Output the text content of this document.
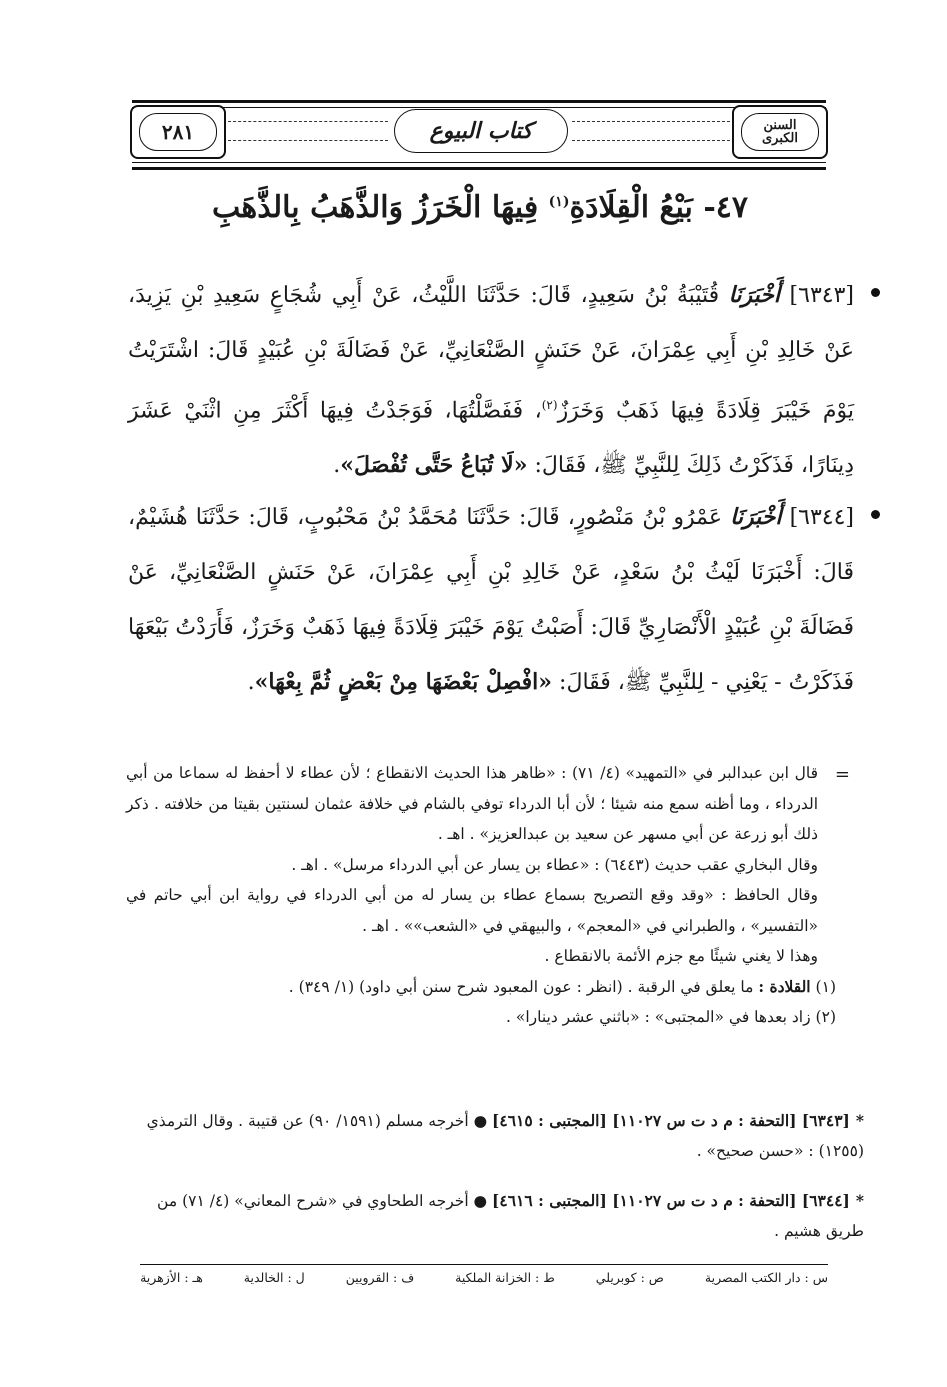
٢٨١	كتاب البيوع	السنن
الكبرى
٤٧- بَيْعُ الْقِلَادَةِ$^{(١)}$ فِيهَا الْخَرَزُ وَالذَّهَبُ بِالذَّهَبِ
[٦٣٤٣] أَخْبَرَنَا قُتَيْبَةُ بْنُ سَعِيدٍ، قَالَ: حَدَّثَنَا اللَّيْثُ، عَنْ أَبِي شُجَاعٍ سَعِيدِ بْنِ يَزِيدَ، عَنْ خَالِدِ بْنِ أَبِي عِمْرَانَ، عَنْ حَنَشٍ الصَّنْعَانِيِّ، عَنْ فَضَالَةَ بْنِ عُبَيْدٍ قَالَ: اشْتَرَيْتُ يَوْمَ خَيْبَرَ قِلَادَةً فِيهَا ذَهَبٌ وَخَرَزٌ$^{(٢)}$، فَفَصَّلْتُهَا، فَوَجَدْتُ فِيهَا أَكْثَرَ مِنِ اثْنَيْ عَشَرَ دِينَارًا، فَذَكَرْتُ ذَلِكَ لِلنَّبِيِّ ﷺ، فَقَالَ: «لَا تُبَاعُ حَتَّى تُفْصَلَ».
[٦٣٤٤] أَخْبَرَنَا عَمْرُو بْنُ مَنْصُورٍ، قَالَ: حَدَّثَنَا مُحَمَّدُ بْنُ مَحْبُوبٍ، قَالَ: حَدَّثَنَا هُشَيْمٌ، قَالَ: أَخْبَرَنَا لَيْثُ بْنُ سَعْدٍ، عَنْ خَالِدِ بْنِ أَبِي عِمْرَانَ، عَنْ حَنَشٍ الصَّنْعَانِيِّ، عَنْ فَضَالَةَ بْنِ عُبَيْدٍ الْأَنْصَارِيِّ قَالَ: أَصَبْتُ يَوْمَ خَيْبَرَ قِلَادَةً فِيهَا ذَهَبٌ وَخَرَزٌ، فَأَرَدْتُ بَيْعَهَا فَذَكَرْتُ - يَعْنِي - لِلنَّبِيِّ ﷺ، فَقَالَ: «افْصِلْ بَعْضَهَا مِنْ بَعْضٍ ثُمَّ بِعْهَا».
=

قال ابن عبدالبر في «التمهيد» (٤/ ٧١) : «ظاهر هذا الحديث الانقطاع ؛ لأن عطاء لا أحفظ له سماعا من أبي الدرداء ، وما أظنه سمع منه شيئا ؛ لأن أبا الدرداء توفي بالشام في خلافة عثمان لسنتين بقيتا من خلافته . ذكر ذلك أبو زرعة عن أبي مسهر عن سعيد بن عبدالعزيز» . اهـ .

وقال البخاري عقب حديث (٦٤٤٣) : «عطاء بن يسار عن أبي الدرداء مرسل» . اهـ .

وقال الحافظ : «وقد وقع التصريح بسماع عطاء بن يسار له من أبي الدرداء في رواية ابن أبي حاتم في «التفسير» ، والطبراني في «المعجم» ، والبيهقي في «الشعب»» . اهـ .

وهذا لا يغني شيئًا مع جزم الأئمة بالانقطاع .

(١) القلادة : ما يعلق في الرقبة . (انظر : عون المعبود شرح سنن أبي داود) (١/ ٣٤٩) .

(٢) زاد بعدها في «المجتبى» : «باثني عشر دينارا» .

*[٦٣٤٣] [التحفة : م د ت س ١١٠٢٧] [المجتبى : ٤٦١٥] ● أخرجه مسلم (١٥٩١/ ٩٠) عن قتيبة . وقال الترمذي (١٢٥٥) : «حسن صحيح» .
*[٦٣٤٤] [التحفة : م د ت س ١١٠٢٧] [المجتبى : ٤٦١٦] ● أخرجه الطحاوي في «شرح المعاني» (٤/ ٧١) من طريق هشيم .
س : دار الكتب المصرية
ص : كوبريلي
ط : الخزانة الملكية
ف : القرويين
ل : الخالدية
هـ : الأزهرية
